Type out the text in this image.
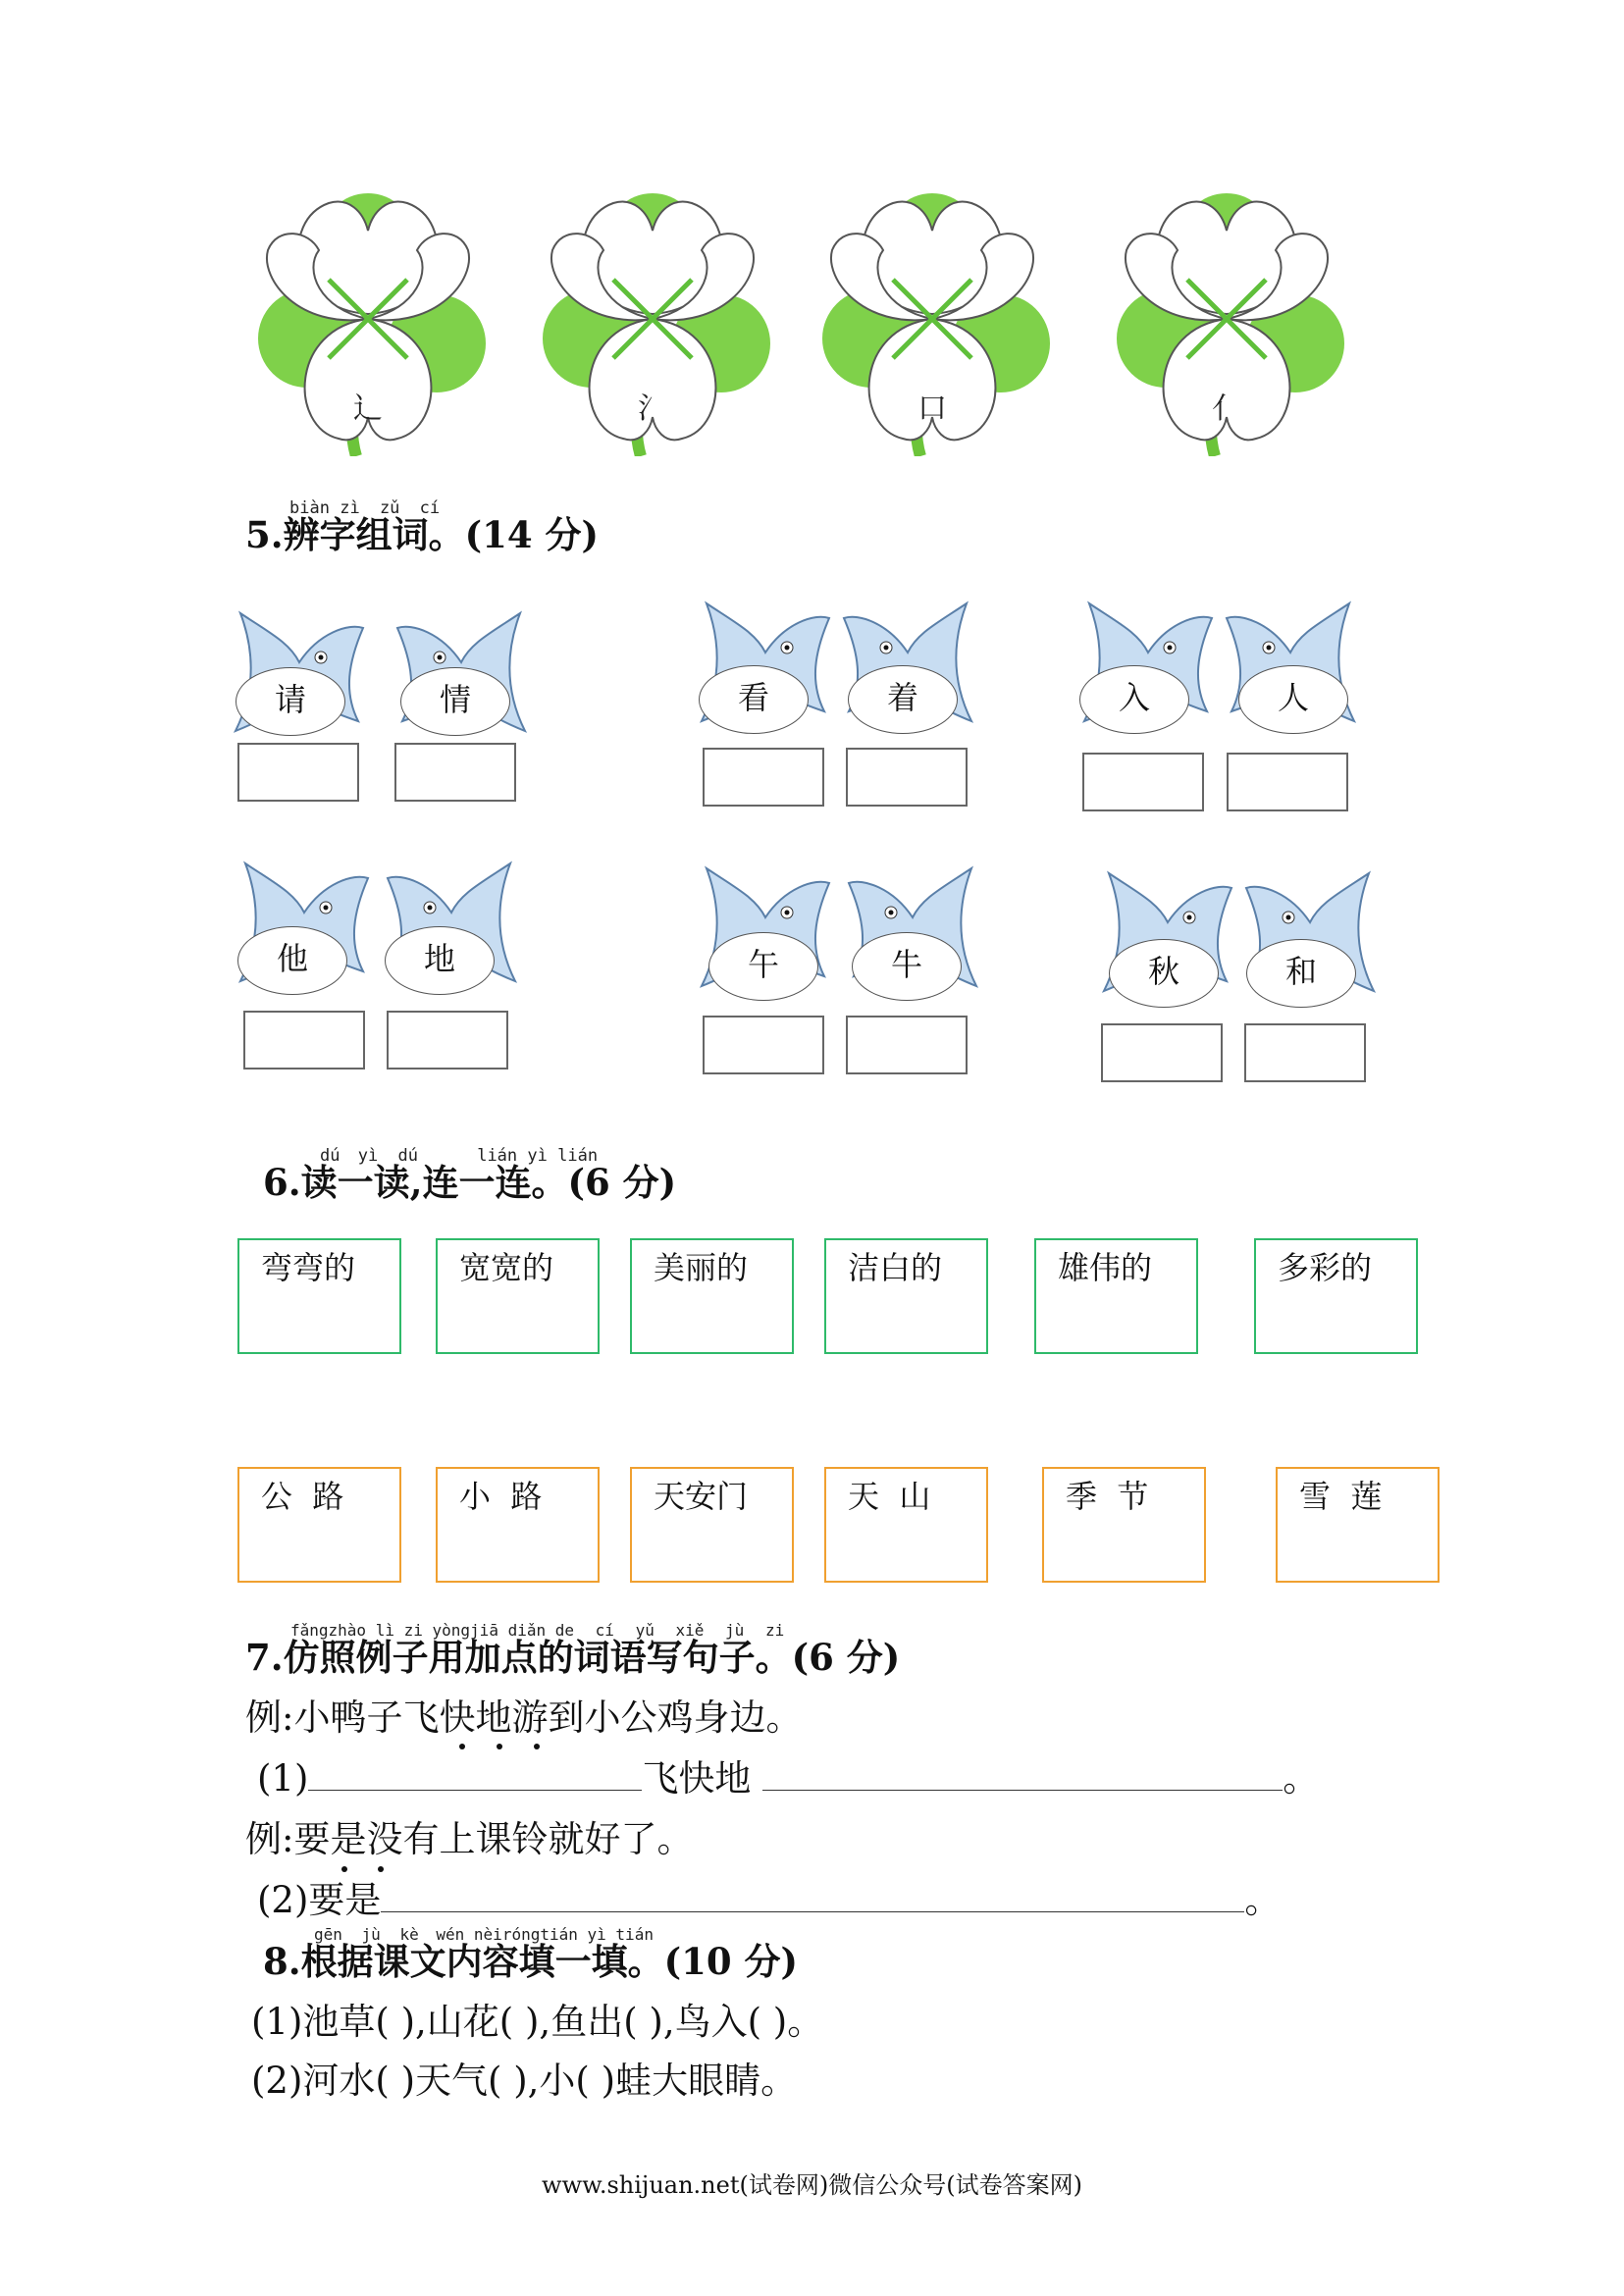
辶	氵	口	亻
biàn zì zǔ cí
5.辨字组词。(14 分)
请	情	看	着	入	人
他	地	午	牛	秋	和
dú yì dú	lián yì lián
6.读一读,连一连。(6 分)
弯弯的	宽宽的	美丽的	洁白的	雄伟的	多彩的
公  路	小  路	天安门	天  山	季  节	雪  莲
fǎngzhào lì zi yòngjiā diǎn de cí yǔ xiě jù zi
7.仿照例子用加点的词语写句子。(6 分)
例:小鸭子飞快地游到小公鸡身边。
(1)	飞快地	。
例:要是没有上课铃就好了。
(2)要是	。
gēn jù kè wén nèiróngtián yì tián
8.根据课文内容填一填。(10 分)
(1)池草( ),山花( ),鱼出( ),鸟入( )。
(2)河水( )天气( ),小( )蛙大眼睛。
www.shijuan.net(试卷网)微信公众号(试卷答案网)
